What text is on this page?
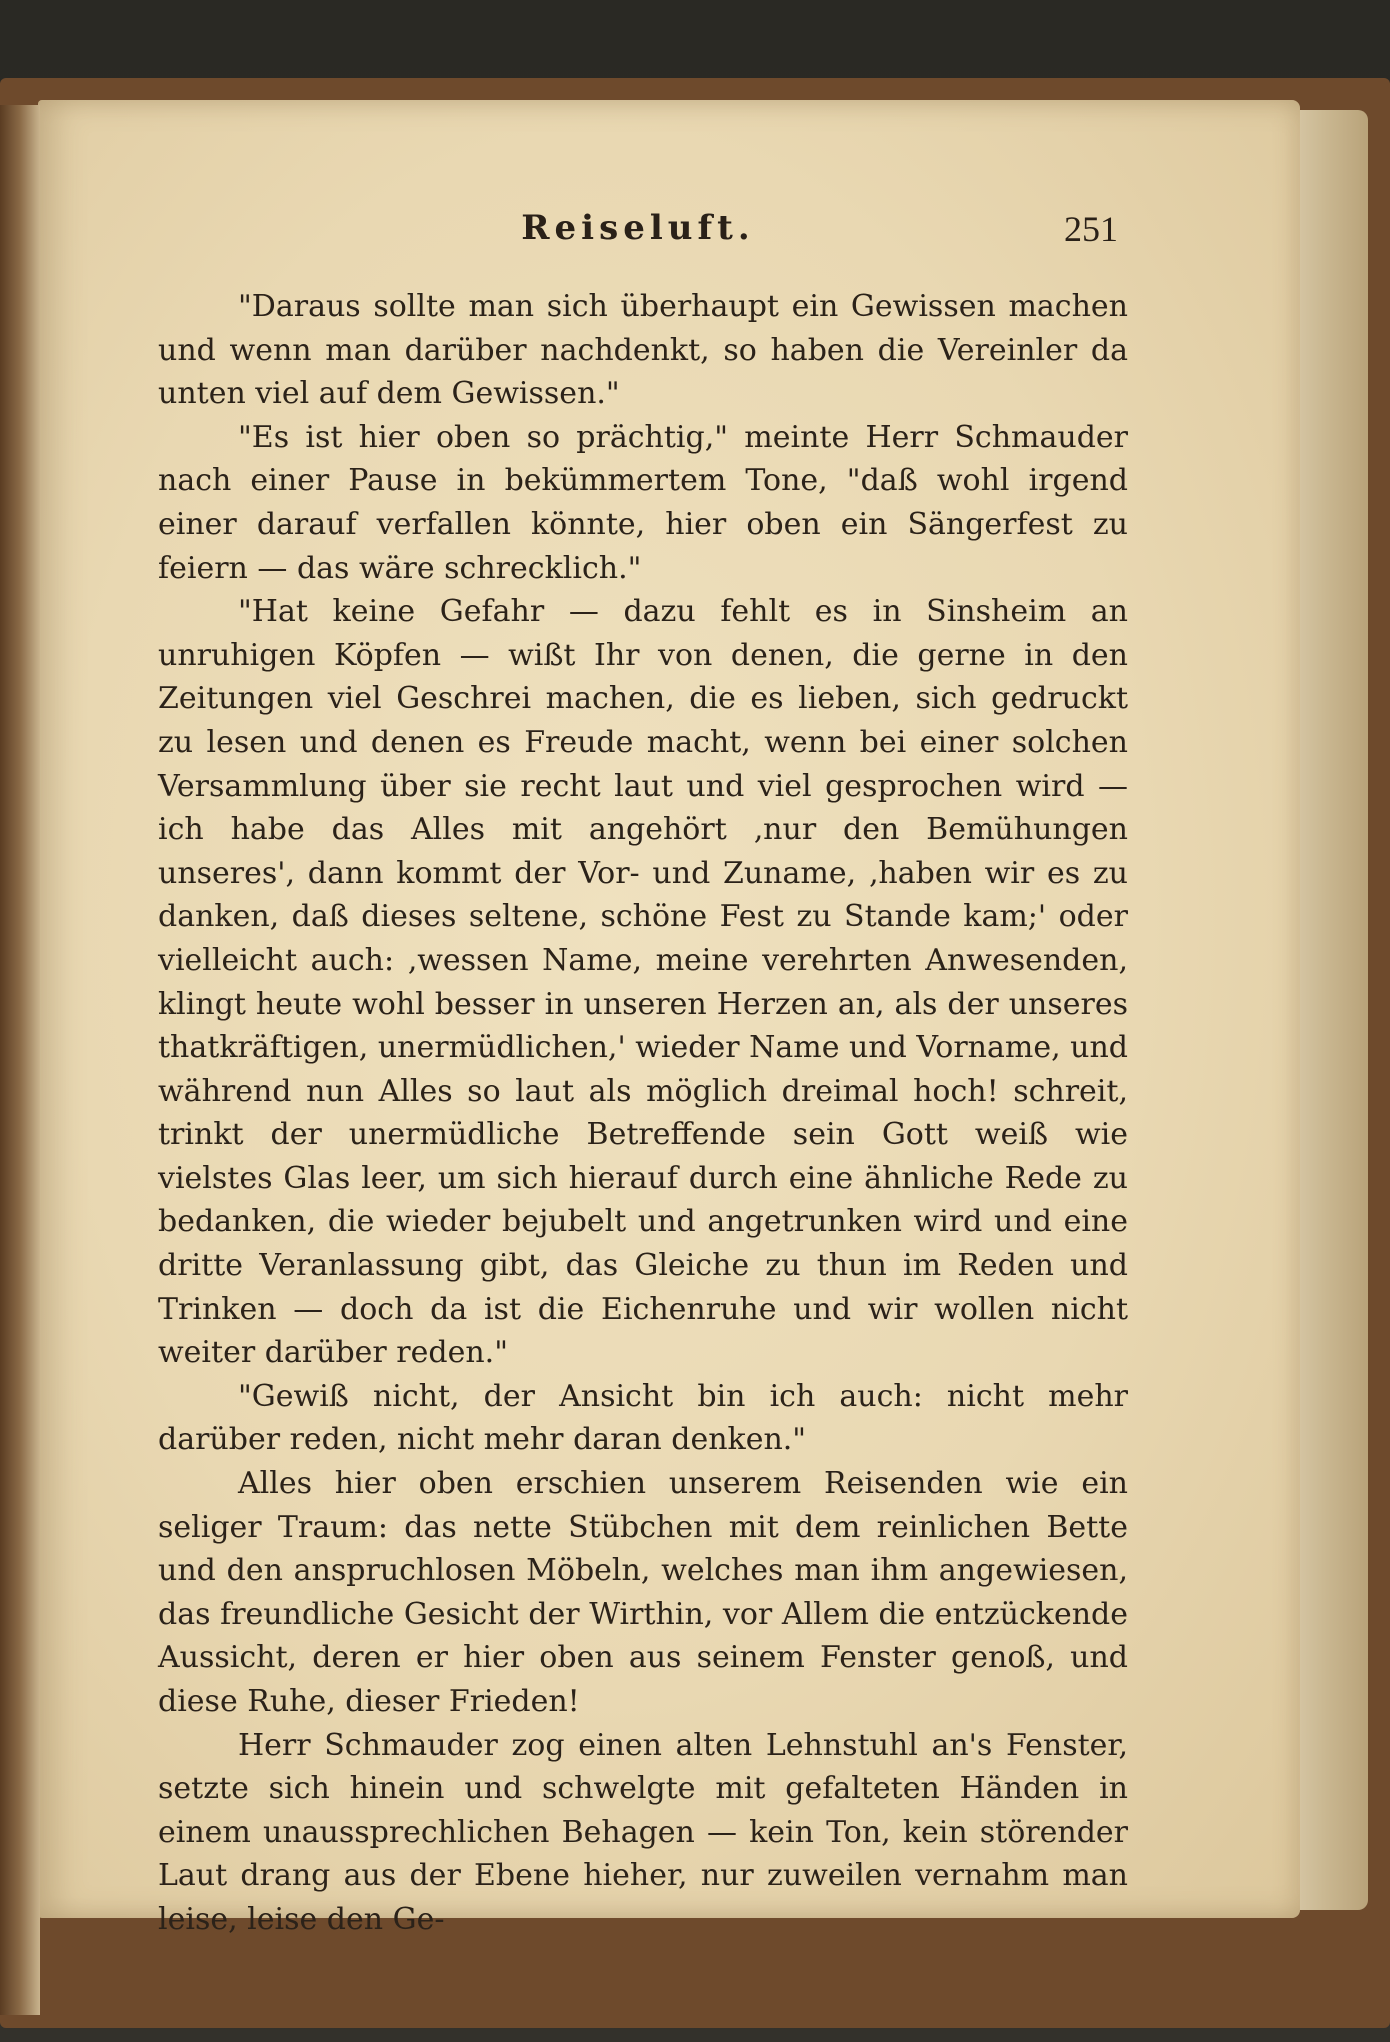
Reiseluft.	251

"Daraus sollte man sich überhaupt ein Gewissen machen und wenn man darüber nachdenkt, so haben die Vereinler da unten viel auf dem Gewissen."

"Es ist hier oben so prächtig," meinte Herr Schmauder nach einer Pause in bekümmertem Tone, "daß wohl irgend einer darauf verfallen könnte, hier oben ein Sängerfest zu feiern — das wäre schrecklich."

"Hat keine Gefahr — dazu fehlt es in Sinsheim an unruhigen Köpfen — wißt Ihr von denen, die gerne in den Zeitungen viel Geschrei machen, die es lieben, sich gedruckt zu lesen und denen es Freude macht, wenn bei einer solchen Versammlung über sie recht laut und viel gesprochen wird — ich habe das Alles mit angehört ‚nur den Bemühungen unseres', dann kommt der Vor- und Zuname, ‚haben wir es zu danken, daß dieses seltene, schöne Fest zu Stande kam;' oder vielleicht auch: ‚wessen Name, meine verehrten Anwesenden, klingt heute wohl besser in unseren Herzen an, als der unseres thatkräftigen, unermüdlichen,' wieder Name und Vorname, und während nun Alles so laut als möglich dreimal hoch! schreit, trinkt der unermüdliche Betreffende sein Gott weiß wie vielstes Glas leer, um sich hierauf durch eine ähnliche Rede zu bedanken, die wieder bejubelt und angetrunken wird und eine dritte Veranlassung gibt, das Gleiche zu thun im Reden und Trinken — doch da ist die Eichenruhe und wir wollen nicht weiter darüber reden."

"Gewiß nicht, der Ansicht bin ich auch: nicht mehr darüber reden, nicht mehr daran denken."

Alles hier oben erschien unserem Reisenden wie ein seliger Traum: das nette Stübchen mit dem reinlichen Bette und den anspruchlosen Möbeln, welches man ihm angewiesen, das freundliche Gesicht der Wirthin, vor Allem die entzückende Aussicht, deren er hier oben aus seinem Fenster genoß, und diese Ruhe, dieser Frieden!

Herr Schmauder zog einen alten Lehnstuhl an's Fenster, setzte sich hinein und schwelgte mit gefalteten Händen in einem unaussprechlichen Behagen — kein Ton, kein störender Laut drang aus der Ebene hieher, nur zuweilen vernahm man leise, leise den Ge-
